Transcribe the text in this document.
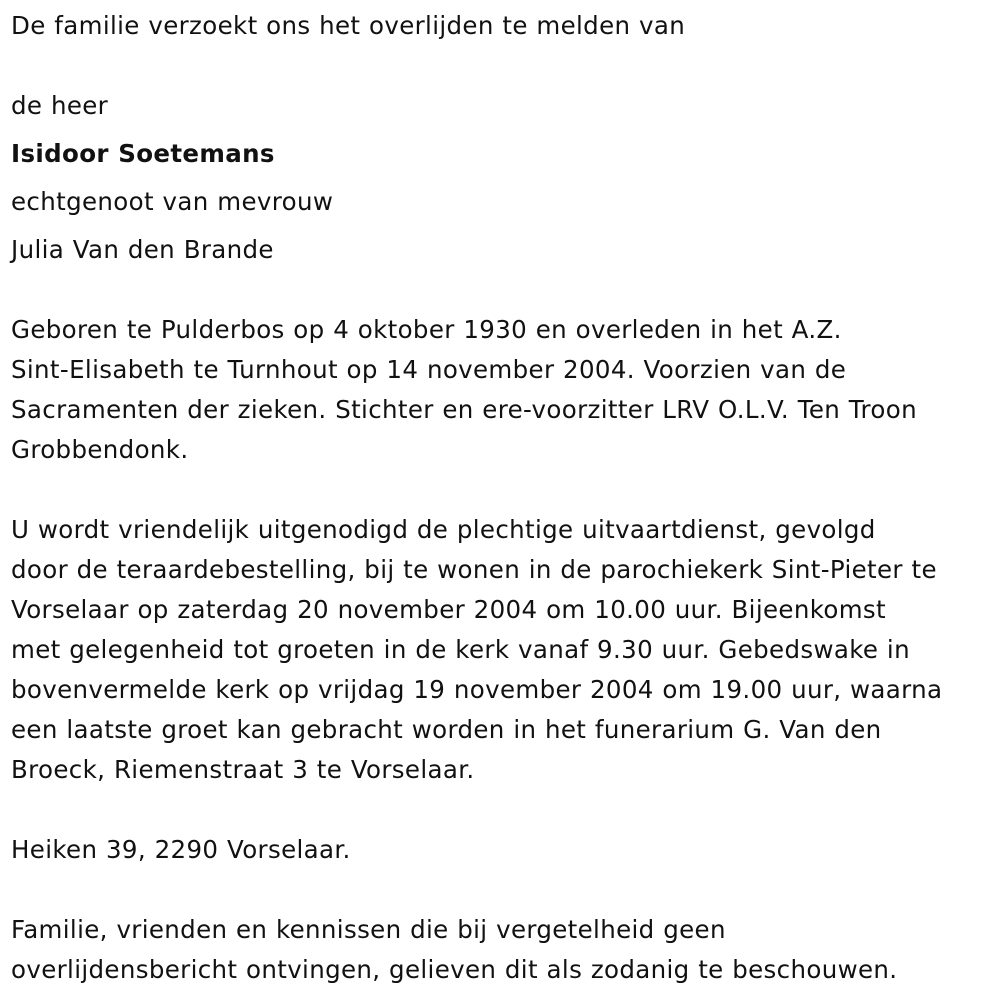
De familie verzoekt ons het overlijden te melden van
de heer
Isidoor Soetemans
echtgenoot van mevrouw
Julia Van den Brande

Geboren te Pulderbos op 4 oktober 1930 en overleden in het A.Z.
Sint-Elisabeth te Turnhout op 14 november 2004. Voorzien van de
Sacramenten der zieken. Stichter en ere-voorzitter LRV O.L.V. Ten Troon
Grobbendonk.

U wordt vriendelijk uitgenodigd de plechtige uitvaartdienst, gevolgd
door de teraardebestelling, bij te wonen in de parochiekerk Sint-Pieter te
Vorselaar op zaterdag 20 november 2004 om 10.00 uur. Bijeenkomst
met gelegenheid tot groeten in de kerk vanaf 9.30 uur. Gebedswake in
bovenvermelde kerk op vrijdag 19 november 2004 om 19.00 uur, waarna
een laatste groet kan gebracht worden in het funerarium G. Van den
Broeck, Riemenstraat 3 te Vorselaar.

Heiken 39, 2290 Vorselaar.

Familie, vrienden en kennissen die bij vergetelheid geen
overlijdensbericht ontvingen, gelieven dit als zodanig te beschouwen.
